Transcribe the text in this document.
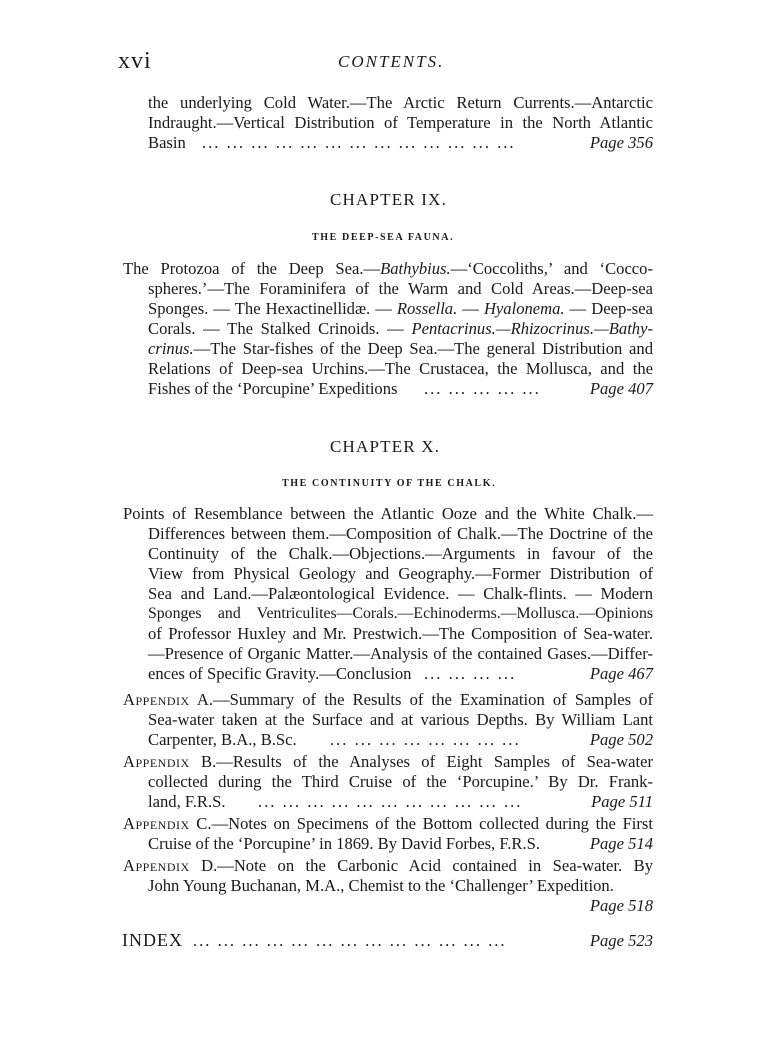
xvi	CONTENTS.
the underlying Cold Water.—The Arctic Return Currents.—Antarctic
Indraught.—Vertical Distribution of Temperature in the North Atlantic
Basin ... ... ... ... ... ... ... ... ... ... ... ... ...	Page 356
CHAPTER IX.
THE DEEP-SEA FAUNA.
The Protozoa of the Deep Sea.—Bathybius.—‘Coccoliths,’ and ‘Cocco-
spheres.’—The Foraminifera of the Warm and Cold Areas.—Deep-sea
Sponges. — The Hexactinellidæ. — Rossella. — Hyalonema. — Deep-sea
Corals. — The Stalked Crinoids. — Pentacrinus.—Rhizocrinus.—Bathy-
crinus.—The Star-fishes of the Deep Sea.—The general Distribution and
Relations of Deep-sea Urchins.—The Crustacea, the Mollusca, and the
Fishes of the ‘Porcupine’ Expeditions ... ... ... ... ...	Page 407
CHAPTER X.
THE CONTINUITY OF THE CHALK.
Points of Resemblance between the Atlantic Ooze and the White Chalk.—
Differences between them.—Composition of Chalk.—The Doctrine of the
Continuity of the Chalk.—Objections.—Arguments in favour of the
View from Physical Geology and Geography.—Former Distribution of
Sea and Land.—Palæontological Evidence. — Chalk-flints. — Modern
Sponges and Ventriculites—Corals.—Echinoderms.—Mollusca.—Opinions
of Professor Huxley and Mr. Prestwich.—The Composition of Sea-water.
—Presence of Organic Matter.—Analysis of the contained Gases.—Differ-
ences of Specific Gravity.—Conclusion ... ... ... ...	Page 467
Appendix A.—Summary of the Results of the Examination of Samples of
Sea-water taken at the Surface and at various Depths. By William Lant
Carpenter, B.A., B.Sc. ... ... ... ... ... ... ... ...	Page 502
Appendix B.—Results of the Analyses of Eight Samples of Sea-water
collected during the Third Cruise of the ‘Porcupine.’ By Dr. Frank-
land, F.R.S. ... ... ... ... ... ... ... ... ... ... ...	Page 511
Appendix C.—Notes on Specimens of the Bottom collected during the First
Cruise of the ‘Porcupine’ in 1869. By David Forbes, F.R.S.	Page 514
Appendix D.—Note on the Carbonic Acid contained in Sea-water. By
John Young Buchanan, M.A., Chemist to the ‘Challenger’ Expedition.
Page 518
INDEX ... ... ... ... ... ... ... ... ... ... ... ... ...	Page 523
